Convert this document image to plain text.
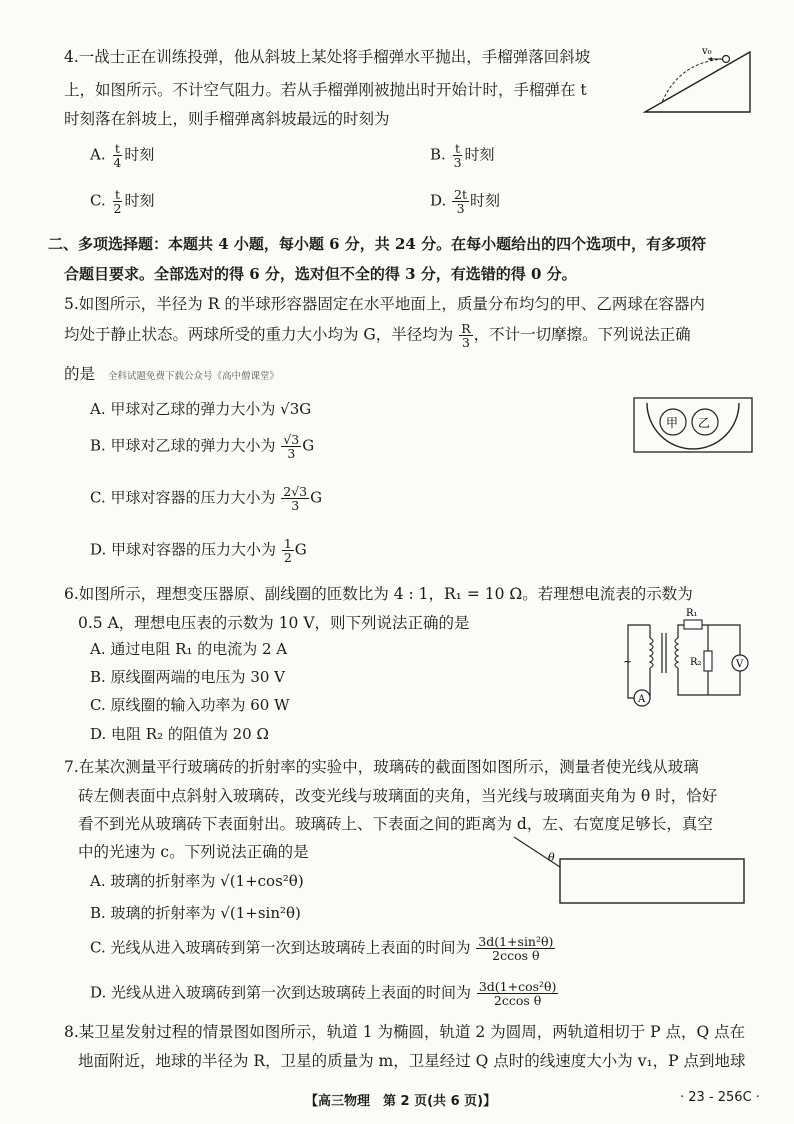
4.一战士正在训练投弹，他从斜坡上某处将手榴弹水平抛出，手榴弹落回斜坡
上，如图所示。不计空气阻力。若从手榴弹刚被抛出时开始计时，手榴弹在 t
时刻落在斜坡上，则手榴弹离斜坡最远的时刻为
v₀
A. $\frac{t}{4}$ 时刻	B. $\frac{t}{3}$ 时刻
C. $\frac{t}{2}$ 时刻	D. $\frac{2t}{3}$ 时刻
二、多项选择题：本题共 4 小题，每小题 6 分，共 24 分。在每小题给出的四个选项中，有多项符
合题目要求。全部选对的得 6 分，选对但不全的得 3 分，有选错的得 0 分。
5.如图所示，半径为 R 的半球形容器固定在水平地面上，质量分布均匀的甲、乙两球在容器内
均处于静止状态。两球所受的重力大小均为 G，半径均为 $\frac{R}{3}$ ，不计一切摩擦。下列说法正确
的是 全科试题免费下载公众号《高中僧课堂》
A. 甲球对乙球的弹力大小为 √3G
B. 甲球对乙球的弹力大小为 $\frac{√3}{3}$ G
C. 甲球对容器的压力大小为 $\frac{2√3}{3}$ G
D. 甲球对容器的压力大小为 $\frac{1}{2}$ G
甲 乙
6.如图所示，理想变压器原、副线圈的匝数比为 4 : 1，R₁ = 10 Ω。若理想电流表的示数为
0.5 A，理想电压表的示数为 10 V，则下列说法正确的是
A. 通过电阻 R₁ 的电流为 2 A
B. 原线圈两端的电压为 30 V
C. 原线圈的输入功率为 60 W
D. 电阻 R₂ 的阻值为 20 Ω
A
~
R₁
R₂	V
7.在某次测量平行玻璃砖的折射率的实验中，玻璃砖的截面图如图所示，测量者使光线从玻璃
砖左侧表面中点斜射入玻璃砖，改变光线与玻璃面的夹角，当光线与玻璃面夹角为 θ 时，恰好
看不到光从玻璃砖下表面射出。玻璃砖上、下表面之间的距离为 d，左、右宽度足够长，真空
中的光速为 c。下列说法正确的是
A. 玻璃的折射率为 √(1+cos²θ)
B. 玻璃的折射率为 √(1+sin²θ)
C. 光线从进入玻璃砖到第一次到达玻璃砖上表面的时间为 $\frac{\text{3d(1+sin²θ)}}{\text{2ccos θ}}$
D. 光线从进入玻璃砖到第一次到达玻璃砖上表面的时间为 $\frac{\text{3d(1+cos²θ)}}{\text{2ccos θ}}$
θ
8.某卫星发射过程的情景图如图所示，轨道 1 为椭圆，轨道 2 为圆周，两轨道相切于 P 点，Q 点在
地面附近，地球的半径为 R，卫星的质量为 m，卫星经过 Q 点时的线速度大小为 v₁，P 点到地球
【高三物理　第 2 页(共 6 页)】	· 23 - 256C ·
